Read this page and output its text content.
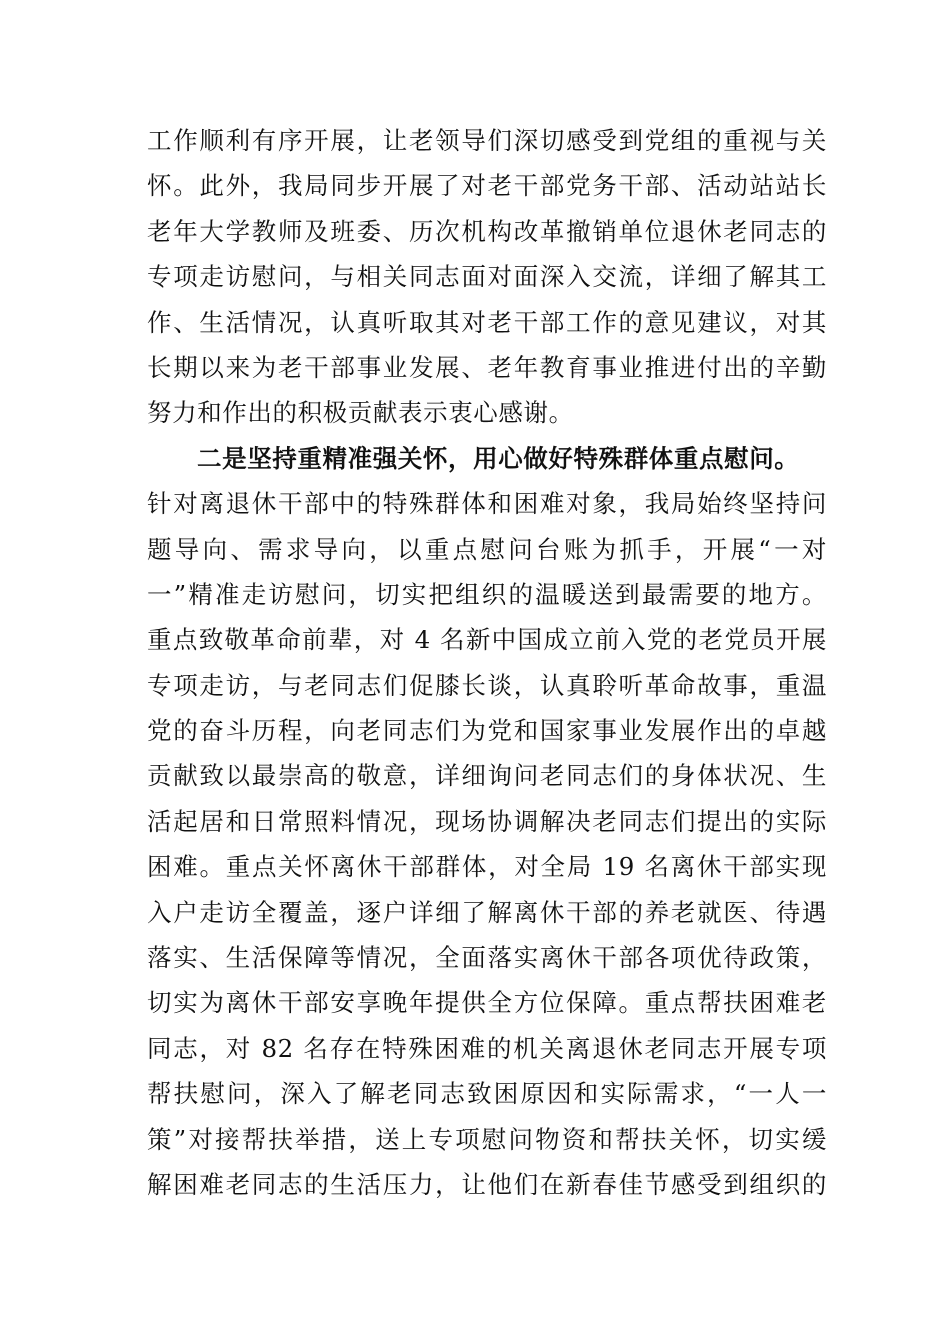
工作顺利有序开展，让老领导们深切感受到党组的重视与关
怀。此外，我局同步开展了对老干部党务干部、活动站站长
老年大学教师及班委、历次机构改革撤销单位退休老同志的
专项走访慰问，与相关同志面对面深入交流，详细了解其工
作、生活情况，认真听取其对老干部工作的意见建议，对其
长期以来为老干部事业发展、老年教育事业推进付出的辛勤
努力和作出的积极贡献表示衷心感谢。
二是坚持重精准强关怀，用心做好特殊群体重点慰问。
针对离退休干部中的特殊群体和困难对象，我局始终坚持问
题导向、需求导向，以重点慰问台账为抓手，开展“一对
一”精准走访慰问，切实把组织的温暖送到最需要的地方。
重点致敬革命前辈，对 4 名新中国成立前入党的老党员开展
专项走访，与老同志们促膝长谈，认真聆听革命故事，重温
党的奋斗历程，向老同志们为党和国家事业发展作出的卓越
贡献致以最崇高的敬意，详细询问老同志们的身体状况、生
活起居和日常照料情况，现场协调解决老同志们提出的实际
困难。重点关怀离休干部群体，对全局 19 名离休干部实现
入户走访全覆盖，逐户详细了解离休干部的养老就医、待遇
落实、生活保障等情况，全面落实离休干部各项优待政策，
切实为离休干部安享晚年提供全方位保障。重点帮扶困难老
同志，对 82 名存在特殊困难的机关离退休老同志开展专项
帮扶慰问，深入了解老同志致困原因和实际需求，“一人一
策”对接帮扶举措，送上专项慰问物资和帮扶关怀，切实缓
解困难老同志的生活压力，让他们在新春佳节感受到组织的
